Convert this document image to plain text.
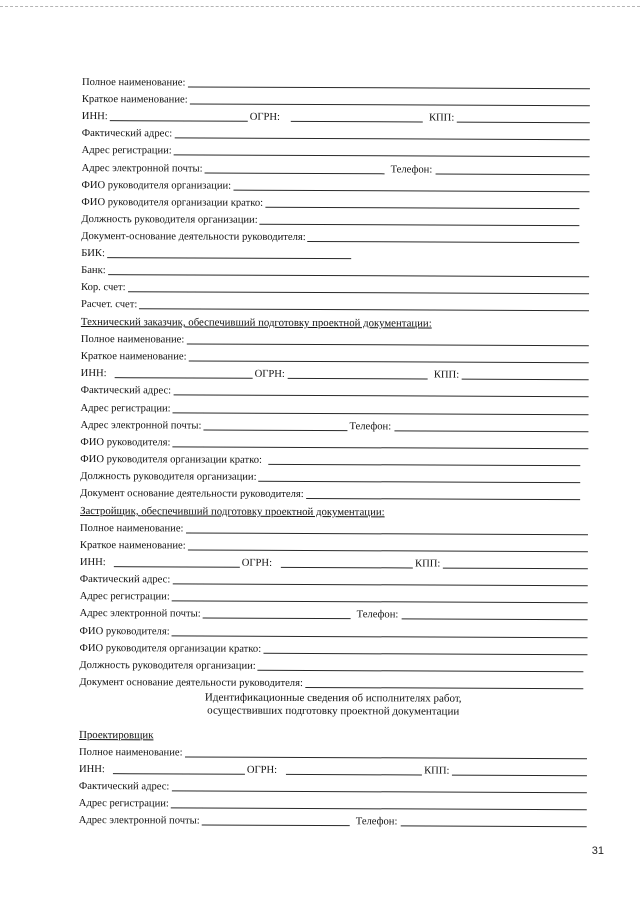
Полное наименование:
Краткое наименование:
ИНН:	ОГРН:	КПП:
Фактический адрес:
Адрес регистрации:
Адрес электронной почты:	Телефон:
ФИО руководителя организации:
ФИО руководителя организации кратко:
Должность руководителя организации:
Документ-основание деятельности руководителя:
БИК:
Банк:
Кор. счет:
Расчет. счет:
Технический заказчик, обеспечивший подготовку проектной документации:
Полное наименование:
Краткое наименование:
ИНН:	ОГРН:	КПП:
Фактический адрес:
Адрес регистрации:
Адрес электронной почты:	Телефон:
ФИО руководителя:
ФИО руководителя организации кратко:
Должность руководителя организации:
Документ основание деятельности руководителя:
Застройщик, обеспечивший подготовку проектной документации:
Полное наименование:
Краткое наименование:
ИНН:	ОГРН:	КПП:
Фактический адрес:
Адрес регистрации:
Адрес электронной почты:	Телефон:
ФИО руководителя:
ФИО руководителя организации кратко:
Должность руководителя организации:
Документ основание деятельности руководителя:
Идентификационные сведения об исполнителях работ,
осуществивших подготовку проектной документации
Проектировщик
Полное наименование:
ИНН:	ОГРН:	КПП:
Фактический адрес:
Адрес регистрации:
Адрес электронной почты:	Телефон:
31
